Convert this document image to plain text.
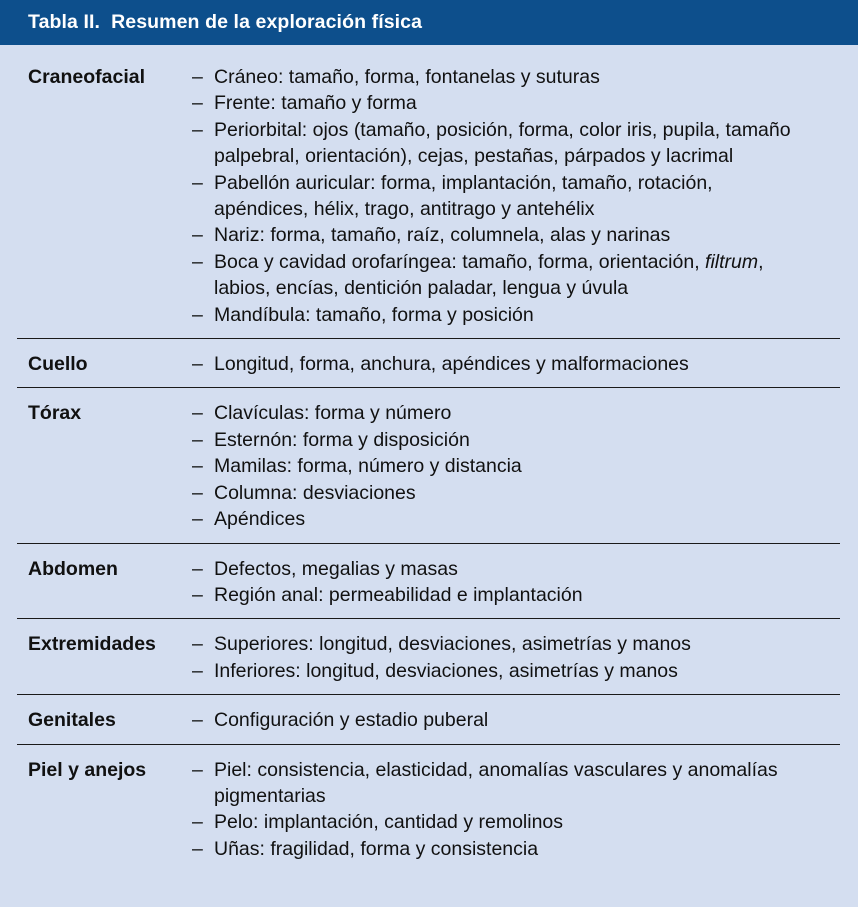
Tabla II.  Resumen de la exploración física
Craneofacial	– Cráneo: tamaño, forma, fontanelas y suturas
– Frente: tamaño y forma
– Periorbital: ojos (tamaño, posición, forma, color iris, pupila, tamaño palpebral, orientación), cejas, pestañas, párpados y lacrimal
– Pabellón auricular: forma, implantación, tamaño, rotación, apéndices, hélix, trago, antitrago y antehélix
– Nariz: forma, tamaño, raíz, columnela, alas y narinas
– Boca y cavidad orofaríngea: tamaño, forma, orientación, filtrum, labios, encías, dentición paladar, lengua y úvula
– Mandíbula: tamaño, forma y posición
Cuello	– Longitud, forma, anchura, apéndices y malformaciones
Tórax	– Clavículas: forma y número
– Esternón: forma y disposición
– Mamilas: forma, número y distancia
– Columna: desviaciones
– Apéndices
Abdomen	– Defectos, megalias y masas
– Región anal: permeabilidad e implantación
Extremidades	– Superiores: longitud, desviaciones, asimetrías y manos
– Inferiores: longitud, desviaciones, asimetrías y manos
Genitales	– Configuración y estadio puberal
Piel y anejos	– Piel: consistencia, elasticidad, anomalías vasculares y anomalías pigmentarias
– Pelo: implantación, cantidad y remolinos
– Uñas: fragilidad, forma y consistencia
